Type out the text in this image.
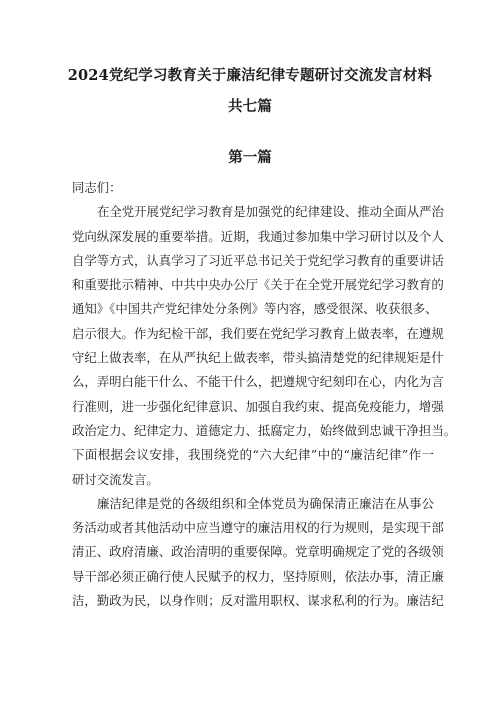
2024党纪学习教育关于廉洁纪律专题研讨交流发言材料
共七篇
第一篇
同志们：
在全党开展党纪学习教育是加强党的纪律建设、推动全面从严治
党向纵深发展的重要举措。近期，我通过参加集中学习研讨以及个人
自学等方式，认真学习了习近平总书记关于党纪学习教育的重要讲话
和重要批示精神、中共中央办公厅《关于在全党开展党纪学习教育的
通知》《中国共产党纪律处分条例》等内容，感受很深、收获很多、
启示很大。作为纪检干部，我们要在党纪学习教育上做表率，在遵规
守纪上做表率，在从严执纪上做表率，带头搞清楚党的纪律规矩是什
么，弄明白能干什么、不能干什么，把遵规守纪刻印在心，内化为言
行准则，进一步强化纪律意识、加强自我约束、提高免疫能力，增强
政治定力、纪律定力、道德定力、抵腐定力，始终做到忠诚干净担当。
下面根据会议安排，我围绕党的“六大纪律”中的“廉洁纪律”作一
研讨交流发言。
廉洁纪律是党的各级组织和全体党员为确保清正廉洁在从事公
务活动或者其他活动中应当遵守的廉洁用权的行为规则，是实现干部
清正、政府清廉、政治清明的重要保障。党章明确规定了党的各级领
导干部必须正确行使人民赋予的权力，坚持原则，依法办事，清正廉
洁，勤政为民，以身作则；反对滥用职权、谋求私利的行为。廉洁纪
